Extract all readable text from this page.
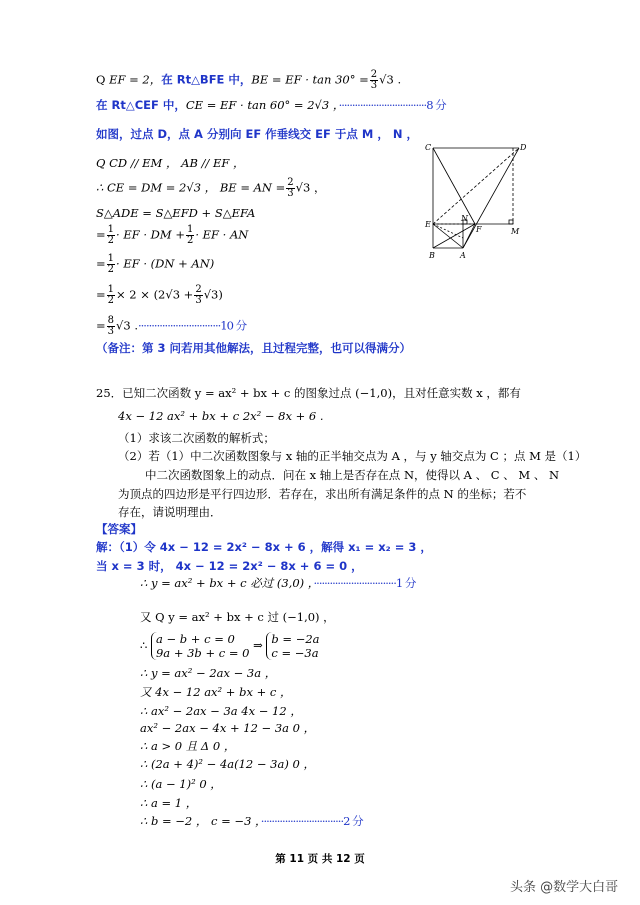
Q EF = 2，在 Rt△BFE 中，BE = EF · $\tan 30^\circ = \frac{2}{3} √3$ .
在 Rt△CEF 中，CE = EF · tan 60° = 2√3 ，·································8 分
如图，过点 D，点 A 分别向 EF 作垂线交 EF 于点 M ， N ，
Q CD // EM ， AB // EF ，
∴ CE = DM = 2√3 ， BE = AN = $\frac{2}{3} √3$ ，
S△ADE = S△EFD + S△EFA
= $\frac{1}{2}$ · EF · DM + $\frac{1}{2}$ · EF · AN
= $\frac{1}{2}$ · EF · (DN + AN)
= $\frac{1}{2} \times 2 \times (2√3 + \frac{2}{3} √3)$
= $\frac{8}{3} √3$ .·······························10 分
（备注：第 3 问若用其他解法，且过程完整，也可以得满分）
C	D
E
N
F	M
B	A
25．已知二次函数 y = ax² + bx + c 的图象过点 (−1,0)，且对任意实数 x ，都有
4x − 12 ax² + bx + c 2x² − 8x + 6 .
（1）求该二次函数的解析式；
（2）若（1）中二次函数图象与 x 轴的正半轴交点为 A ，与 y 轴交点为 C ；点 M 是（1）
中二次函数图象上的动点．问在 x 轴上是否存在点 N，使得以 A 、 C 、 M 、 N
为顶点的四边形是平行四边形．若存在，求出所有满足条件的点 N 的坐标；若不
存在，请说明理由．
【答案】
解：（1）令 4x − 12 = 2x² − 8x + 6 ，解得 x₁ = x₂ = 3 ，
当 x = 3 时， 4x − 12 = 2x² − 8x + 6 = 0 ，
∴ y = ax² + bx + c 必过 (3,0) ，·······························1 分
又 Q y = ax² + bx + c 过 (−1,0) ，
∴ a − b + c = 0
9a + 3b + c = 0 ⇒ b = −2a
c = −3a
∴ y = ax² − 2ax − 3a ，
又 4x − 12 ax² + bx + c ，
∴ ax² − 2ax − 3a 4x − 12 ，
ax² − 2ax − 4x + 12 − 3a 0 ，
∴ a > 0 且 Δ 0 ，
∴ (2a + 4)² − 4a(12 − 3a) 0 ，
∴ (a − 1)² 0 ，
∴ a = 1 ，
∴ b = −2 ， c = −3 ，·······························2 分
第 11 页 共 12 页
头条 @数学大白哥
